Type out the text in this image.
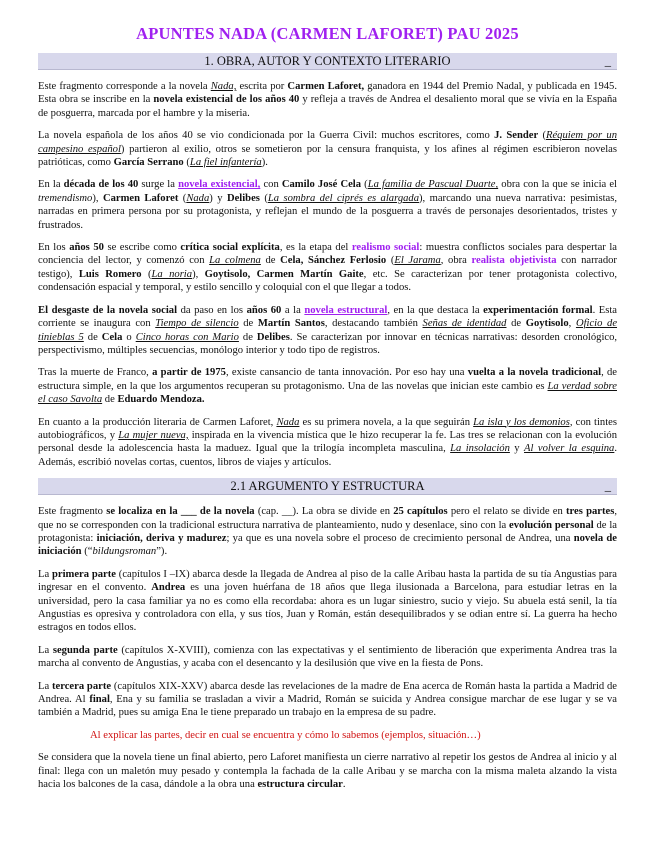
APUNTES NADA (CARMEN LAFORET) PAU 2025
1. OBRA, AUTOR Y CONTEXTO LITERARIO	_

Este fragmento corresponde a la novela Nada, escrita por Carmen Laforet, ganadora en 1944 del Premio Nadal, y publicada en 1945. Esta obra se inscribe en la novela existencial de los años 40 y refleja a través de Andrea el desaliento moral que se vivía en la España de posguerra, marcada por el hambre y la miseria.

La novela española de los años 40 se vio condicionada por la Guerra Civil: muchos escritores, como J. Sender (Réquiem por un campesino español) partieron al exilio, otros se sometieron por la censura franquista, y los afines al régimen escribieron novelas patrióticas, como García Serrano (La fiel infantería).

En la década de los 40 surge la novela existencial, con Camilo José Cela (La familia de Pascual Duarte, obra con la que se inicia el tremendismo), Carmen Laforet (Nada) y Delibes (La sombra del ciprés es alargada), marcando una nueva narrativa: pesimistas, narradas en primera persona por su protagonista, y reflejan el mundo de la posguerra a través de personajes desorientados, tristes y frustrados.

En los años 50 se escribe como crítica social explícita, es la etapa del realismo social: muestra conflictos sociales para despertar la conciencia del lector, y comenzó con La colmena de Cela, Sánchez Ferlosio (El Jarama, obra realista objetivista con narrador testigo), Luis Romero (La noria), Goytisolo, Carmen Martín Gaite, etc. Se caracterizan por tener protagonista colectivo, condensación espacial y temporal, y estilo sencillo y coloquial con el que llegar a todos.

El desgaste de la novela social da paso en los años 60 a la novela estructural, en la que destaca la experimentación formal. Esta corriente se inaugura con Tiempo de silencio de Martín Santos, destacando también Señas de identidad de Goytisolo, Oficio de tinieblas 5 de Cela o Cinco horas con Mario de Delibes. Se caracterizan por innovar en técnicas narrativas: desorden cronológico, perspectivismo, múltiples secuencias, monólogo interior y todo tipo de registros.

Tras la muerte de Franco, a partir de 1975, existe cansancio de tanta innovación. Por eso hay una vuelta a la novela tradicional, de estructura simple, en la que los argumentos recuperan su protagonismo. Una de las novelas que inician este cambio es La verdad sobre el caso Savolta de Eduardo Mendoza.

En cuanto a la producción literaria de Carmen Laforet, Nada es su primera novela, a la que seguirán La isla y los demonios, con tintes autobiográficos, y La mujer nueva, inspirada en la vivencia mística que le hizo recuperar la fe. Las tres se relacionan con la evolución personal desde la adolescencia hasta la maduez. Igual que la trilogía incompleta masculina, La insolación y Al volver la esquina. Además, escribió novelas cortas, cuentos, libros de viajes y artículos.

2.1 ARGUMENTO Y ESTRUCTURA	_

Este fragmento se localiza en la ___ de la novela (cap. __). La obra se divide en 25 capítulos pero el relato se divide en tres partes, que no se corresponden con la tradicional estructura narrativa de planteamiento, nudo y desenlace, sino con la evolución personal de la protagonista: iniciación, deriva y madurez; ya que es una novela sobre el proceso de crecimiento personal de Andrea, una novela de iniciación (“bildungsroman”).

La primera parte (capítulos I –IX) abarca desde la llegada de Andrea al piso de la calle Aribau hasta la partida de su tía Angustias para ingresar en el convento. Andrea es una joven huérfana de 18 años que llega ilusionada a Barcelona, para estudiar letras en la universidad, pero la casa familiar ya no es como ella recordaba: ahora es un lugar siniestro, sucio y viejo. Su abuela está senil, la tía Angustias es opresiva y controladora con ella, y sus tíos, Juan y Román, están desequilibrados y se odian entre sí. La guerra ha hecho estragos en todos ellos.

La segunda parte (capítulos X-XVIII), comienza con las expectativas y el sentimiento de liberación que experimenta Andrea tras la marcha al convento de Angustias, y acaba con el desencanto y la desilusión que vive en la fiesta de Pons.

La tercera parte (capítulos XIX-XXV) abarca desde las revelaciones de la madre de Ena acerca de Román hasta la partida a Madrid de Andrea. Al final, Ena y su familia se trasladan a vivir a Madrid, Román se suicida y Andrea consigue marchar de ese lugar y se va también a Madrid, pues su amiga Ena le tiene preparado un trabajo en la empresa de su padre.

Al explicar las partes, decir en cual se encuentra y cómo lo sabemos (ejemplos, situación…)

Se considera que la novela tiene un final abierto, pero Laforet manifiesta un cierre narrativo al repetir los gestos de Andrea al inicio y al final: llega con un maletón muy pesado y contempla la fachada de la calle Aribau y se marcha con la misma maleta alzando la vista hacia los balcones de la casa, dándole a la obra una estructura circular.
